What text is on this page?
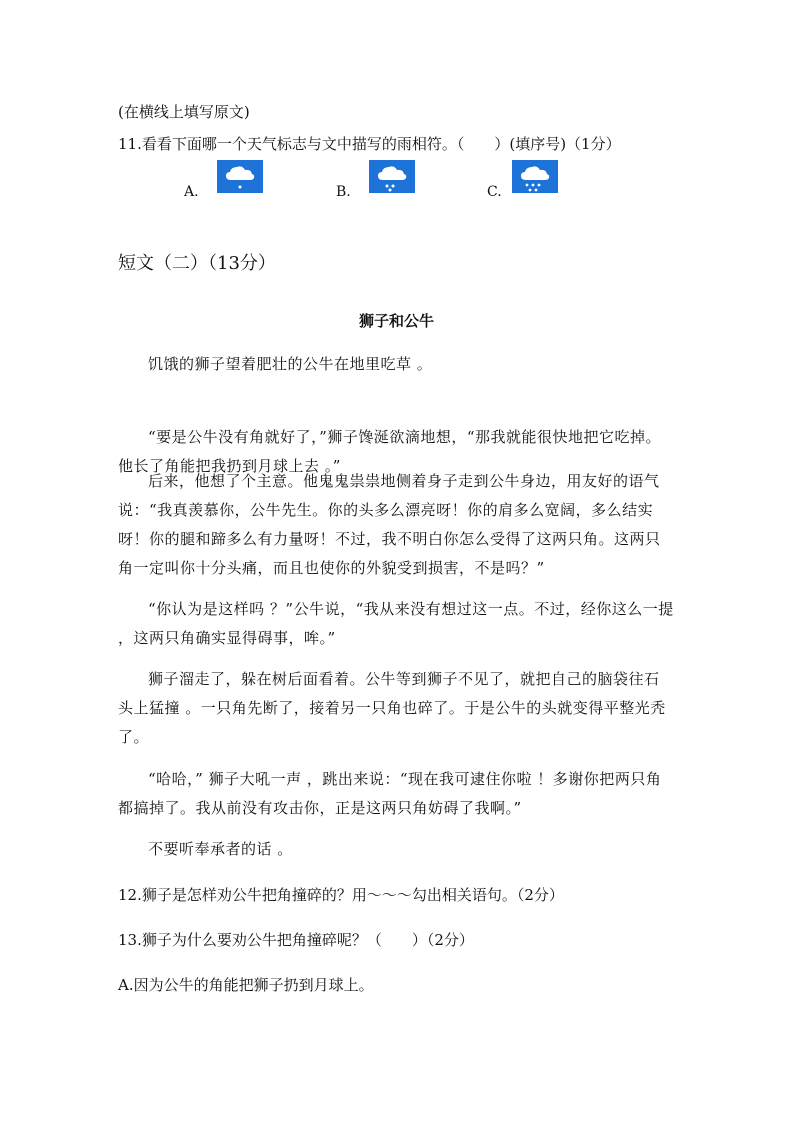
(在横线上填写原文)
11.看看下面哪一个天气标志与文中描写的雨相符。（　　）(填序号)（1分）
A.	B.	C.
短文（二）（13分）
狮子和公牛
饥饿的狮子望着肥壮的公牛在地里吃草 。
“要是公牛没有角就好了，”狮子馋涎欲滴地想，“那我就能很快地把它吃掉。他长了角能把我扔到月球上去 。”
后来，他想了个主意。他鬼鬼祟祟地侧着身子走到公牛身边，用友好的语气说：“我真羡慕你，公牛先生。你的头多么漂亮呀！你的肩多么宽阔，多么结实呀！你的腿和蹄多么有力量呀！不过，我不明白你怎么受得了这两只角。这两只角一定叫你十分头痛，而且也使你的外貌受到损害，不是吗？”
“你认为是这样吗 ？”公牛说，“我从来没有想过这一点。不过，经你这么一提 ，这两只角确实显得碍事，哞。”
狮子溜走了，躲在树后面看着。公牛等到狮子不见了，就把自己的脑袋往石头上猛撞 。一只角先断了，接着另一只角也碎了。于是公牛的头就变得平整光秃了。
“哈哈，” 狮子大吼一声 ，跳出来说：“现在我可逮住你啦 ！多谢你把两只角都搞掉了。我从前没有攻击你，正是这两只角妨碍了我啊。”
不要听奉承者的话 。
12.狮子是怎样劝公牛把角撞碎的？用～～～勾出相关语句。（2分）
13.狮子为什么要劝公牛把角撞碎呢？（　　）（2分）
A.因为公牛的角能把狮子扔到月球上。
